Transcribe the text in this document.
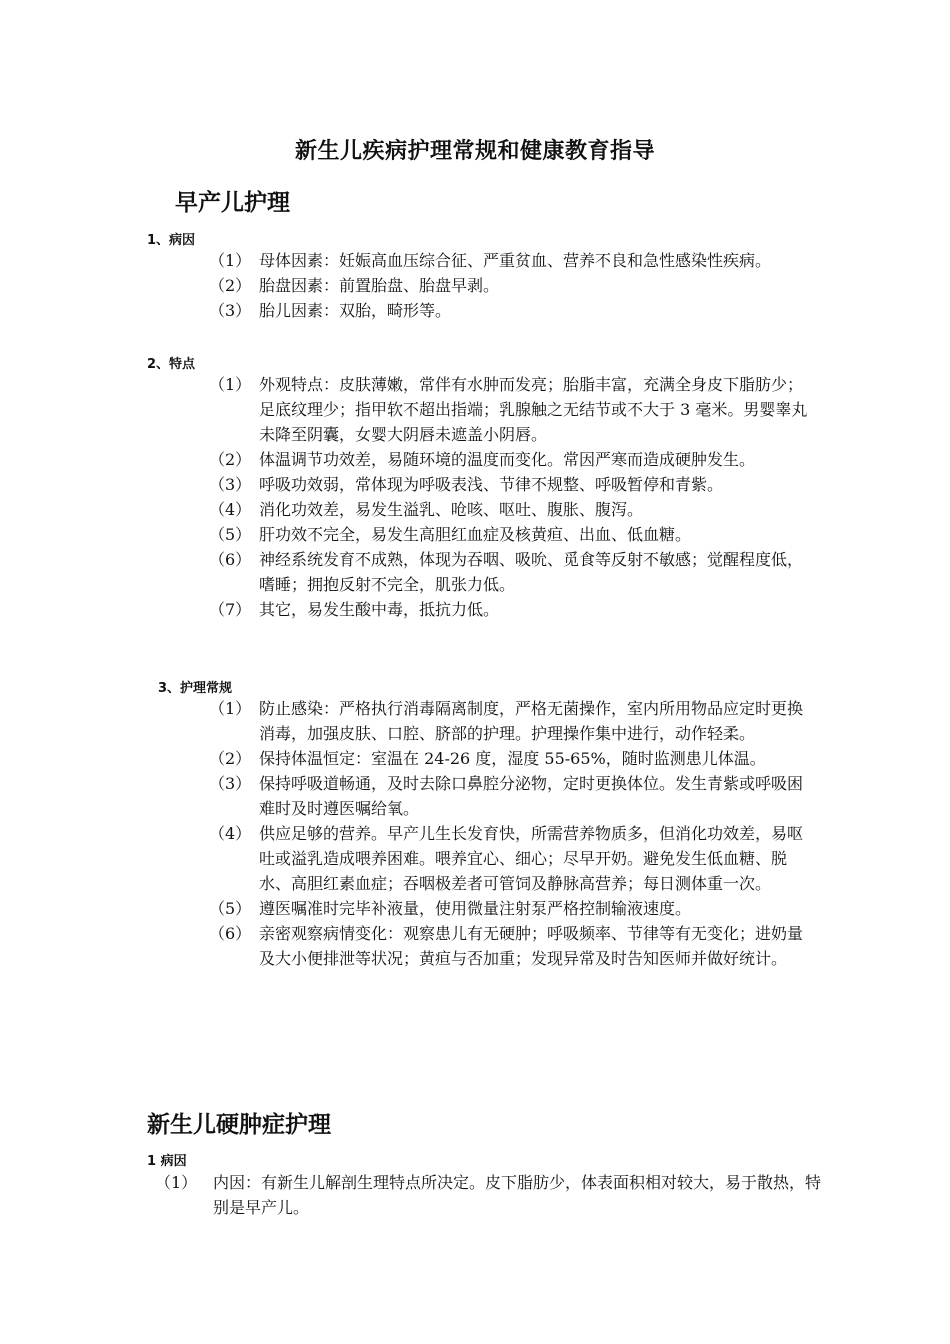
新生儿疾病护理常规和健康教育指导
早产儿护理
1、病因
（1） 母体因素：妊娠高血压综合征、严重贫血、营养不良和急性感染性疾病。
（2） 胎盘因素：前置胎盘、胎盘早剥。
（3） 胎儿因素：双胎，畸形等。
2、特点
（1） 外观特点：皮肤薄嫩，常伴有水肿而发亮；胎脂丰富，充满全身皮下脂肪少；足底纹理少；指甲软不超出指端；乳腺触之无结节或不大于 3 毫米。男婴睾丸未降至阴囊，女婴大阴唇未遮盖小阴唇。
（2） 体温调节功效差，易随环境的温度而变化。常因严寒而造成硬肿发生。
（3） 呼吸功效弱，常体现为呼吸表浅、节律不规整、呼吸暂停和青紫。
（4） 消化功效差，易发生溢乳、呛咳、呕吐、腹胀、腹泻。
（5） 肝功效不完全，易发生高胆红血症及核黄疸、出血、低血糖。
（6） 神经系统发育不成熟，体现为吞咽、吸吮、觅食等反射不敏感；觉醒程度低，嗜睡；拥抱反射不完全，肌张力低。
（7） 其它，易发生酸中毒，抵抗力低。
3、护理常规
（1） 防止感染：严格执行消毒隔离制度，严格无菌操作，室内所用物品应定时更换消毒，加强皮肤、口腔、脐部的护理。护理操作集中进行，动作轻柔。
（2） 保持体温恒定：室温在 24-26 度，湿度 55-65%，随时监测患儿体温。
（3） 保持呼吸道畅通，及时去除口鼻腔分泌物，定时更换体位。发生青紫或呼吸困难时及时遵医嘱给氧。
（4） 供应足够的营养。早产儿生长发育快，所需营养物质多，但消化功效差，易呕吐或溢乳造成喂养困难。喂养宜心、细心；尽早开奶。避免发生低血糖、脱水、高胆红素血症；吞咽极差者可管饲及静脉高营养；每日测体重一次。
（5） 遵医嘱准时完毕补液量，使用微量注射泵严格控制输液速度。
（6） 亲密观察病情变化：观察患儿有无硬肿；呼吸频率、节律等有无变化；进奶量及大小便排泄等状况；黄疸与否加重；发现异常及时告知医师并做好统计。
新生儿硬肿症护理
1 病因
（1） 内因：有新生儿解剖生理特点所决定。皮下脂肪少，体表面积相对较大，易于散热，特别是早产儿。
